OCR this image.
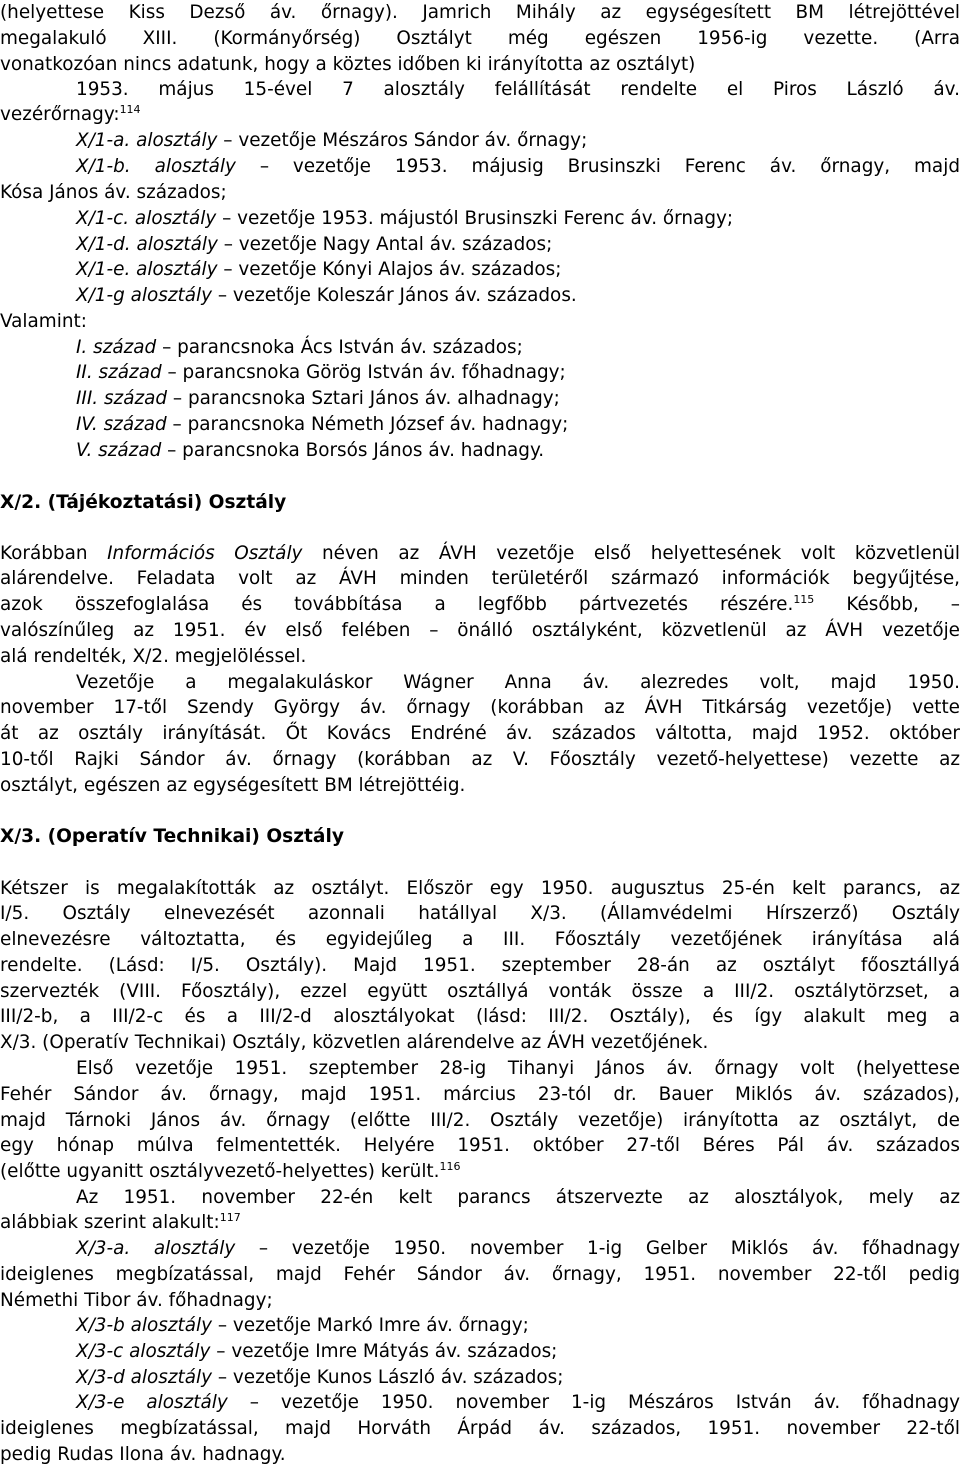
(helyettese Kiss Dezső áv. őrnagy). Jamrich Mihály az egységesített BM létrejöttével
megalakuló XIII. (Kormányőrség) Osztályt még egészen 1956-ig vezette. (Arra
vonatkozóan nincs adatunk, hogy a köztes időben ki irányította az osztályt)
1953. május 15-ével 7 alosztály felállítását rendelte el Piros László áv.
vezérőrnagy:$^{114}$
X/1-a. alosztály – vezetője Mészáros Sándor áv. őrnagy;
X/1-b. alosztály – vezetője 1953. májusig Brusinszki Ferenc áv. őrnagy, majd
Kósa János áv. százados;
X/1-c. alosztály – vezetője 1953. májustól Brusinszki Ferenc áv. őrnagy;
X/1-d. alosztály – vezetője Nagy Antal áv. százados;
X/1-e. alosztály – vezetője Kónyi Alajos áv. százados;
X/1-g alosztály – vezetője Koleszár János áv. százados.
Valamint:
I. század – parancsnoka Ács István áv. százados;
II. század – parancsnoka Görög István áv. főhadnagy;
III. század – parancsnoka Sztari János áv. alhadnagy;
IV. század – parancsnoka Németh József áv. hadnagy;
V. század – parancsnoka Borsós János áv. hadnagy.
X/2. (Tájékoztatási) Osztály
Korábban Információs Osztály néven az ÁVH vezetője első helyettesének volt közvetlenül
alárendelve. Feladata volt az ÁVH minden területéről származó információk begyűjtése,
azok összefoglalása és továbbítása a legfőbb pártvezetés részére.$^{115}$ Később, –
valószínűleg az 1951. év első felében – önálló osztályként, közvetlenül az ÁVH vezetője
alá rendelték, X/2. megjelöléssel.
Vezetője a megalakuláskor Wágner Anna áv. alezredes volt, majd 1950.
november 17-től Szendy György áv. őrnagy (korábban az ÁVH Titkárság vezetője) vette
át az osztály irányítását. Őt Kovács Endréné áv. százados váltotta, majd 1952. október
10-től Rajki Sándor áv. őrnagy (korábban az V. Főosztály vezető-helyettese) vezette az
osztályt, egészen az egységesített BM létrejöttéig.
X/3. (Operatív Technikai) Osztály
Kétszer is megalakították az osztályt. Először egy 1950. augusztus 25-én kelt parancs, az
I/5. Osztály elnevezését azonnali hatállyal X/3. (Államvédelmi Hírszerző) Osztály
elnevezésre változtatta, és egyidejűleg a III. Főosztály vezetőjének irányítása alá
rendelte. (Lásd: I/5. Osztály). Majd 1951. szeptember 28-án az osztályt főosztállyá
szervezték (VIII. Főosztály), ezzel együtt osztállyá vonták össze a III/2. osztálytörzset, a
III/2-b, a III/2-c és a III/2-d alosztályokat (lásd: III/2. Osztály), és így alakult meg a
X/3. (Operatív Technikai) Osztály, közvetlen alárendelve az ÁVH vezetőjének.
Első vezetője 1951. szeptember 28-ig Tihanyi János áv. őrnagy volt (helyettese
Fehér Sándor áv. őrnagy, majd 1951. március 23-tól dr. Bauer Miklós áv. százados),
majd Tárnoki János áv. őrnagy (előtte III/2. Osztály vezetője) irányította az osztályt, de
egy hónap múlva felmentették. Helyére 1951. október 27-től Béres Pál áv. százados
(előtte ugyanitt osztályvezető-helyettes) került.$^{116}$
Az 1951. november 22-én kelt parancs átszervezte az alosztályok, mely az
alábbiak szerint alakult:$^{117}$
X/3-a. alosztály – vezetője 1950. november 1-ig Gelber Miklós áv. főhadnagy
ideiglenes megbízatással, majd Fehér Sándor áv. őrnagy, 1951. november 22-től pedig
Némethi Tibor áv. főhadnagy;
X/3-b alosztály – vezetője Markó Imre áv. őrnagy;
X/3-c alosztály – vezetője Imre Mátyás áv. százados;
X/3-d alosztály – vezetője Kunos László áv. százados;
X/3-e alosztály – vezetője 1950. november 1-ig Mészáros István áv. főhadnagy
ideiglenes megbízatással, majd Horváth Árpád áv. százados, 1951. november 22-től
pedig Rudas Ilona áv. hadnagy.
